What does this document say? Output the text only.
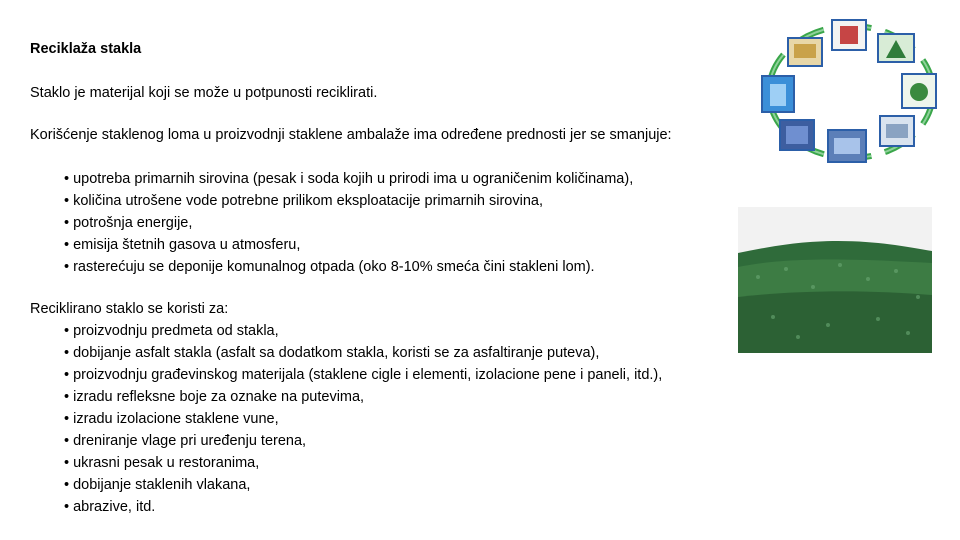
Reciklaža stakla
Staklo je materijal koji se može u potpunosti reciklirati.
Korišćenje staklenog loma u proizvodnji staklene ambalaže ima određene prednosti jer se smanjuje:
• upotreba primarnih sirovina (pesak i soda kojih u prirodi ima u ograničenim količinama),
• količina utrošene vode potrebne prilikom eksploatacije primarnih sirovina,
• potrošnja energije,
• emisija štetnih gasova u atmosferu,
• rasterećuju se deponije komunalnog otpada (oko 8-10% smeća čini stakleni lom).
Reciklirano staklo se koristi za:
• proizvodnju predmeta od stakla,
• dobijanje asfalt stakla (asfalt sa dodatkom stakla, koristi se za asfaltiranje puteva),
• proizvodnju građevinskog materijala (staklene cigle i elementi, izolacione pene i paneli, itd.),
• izradu refleksne boje za oznake na putevima,
• izradu izolacione staklene vune,
• dreniranje vlage pri uređenju terena,
• ukrasni pesak u restoranima,
• dobijanje staklenih vlakana,
• abrazive, itd.
